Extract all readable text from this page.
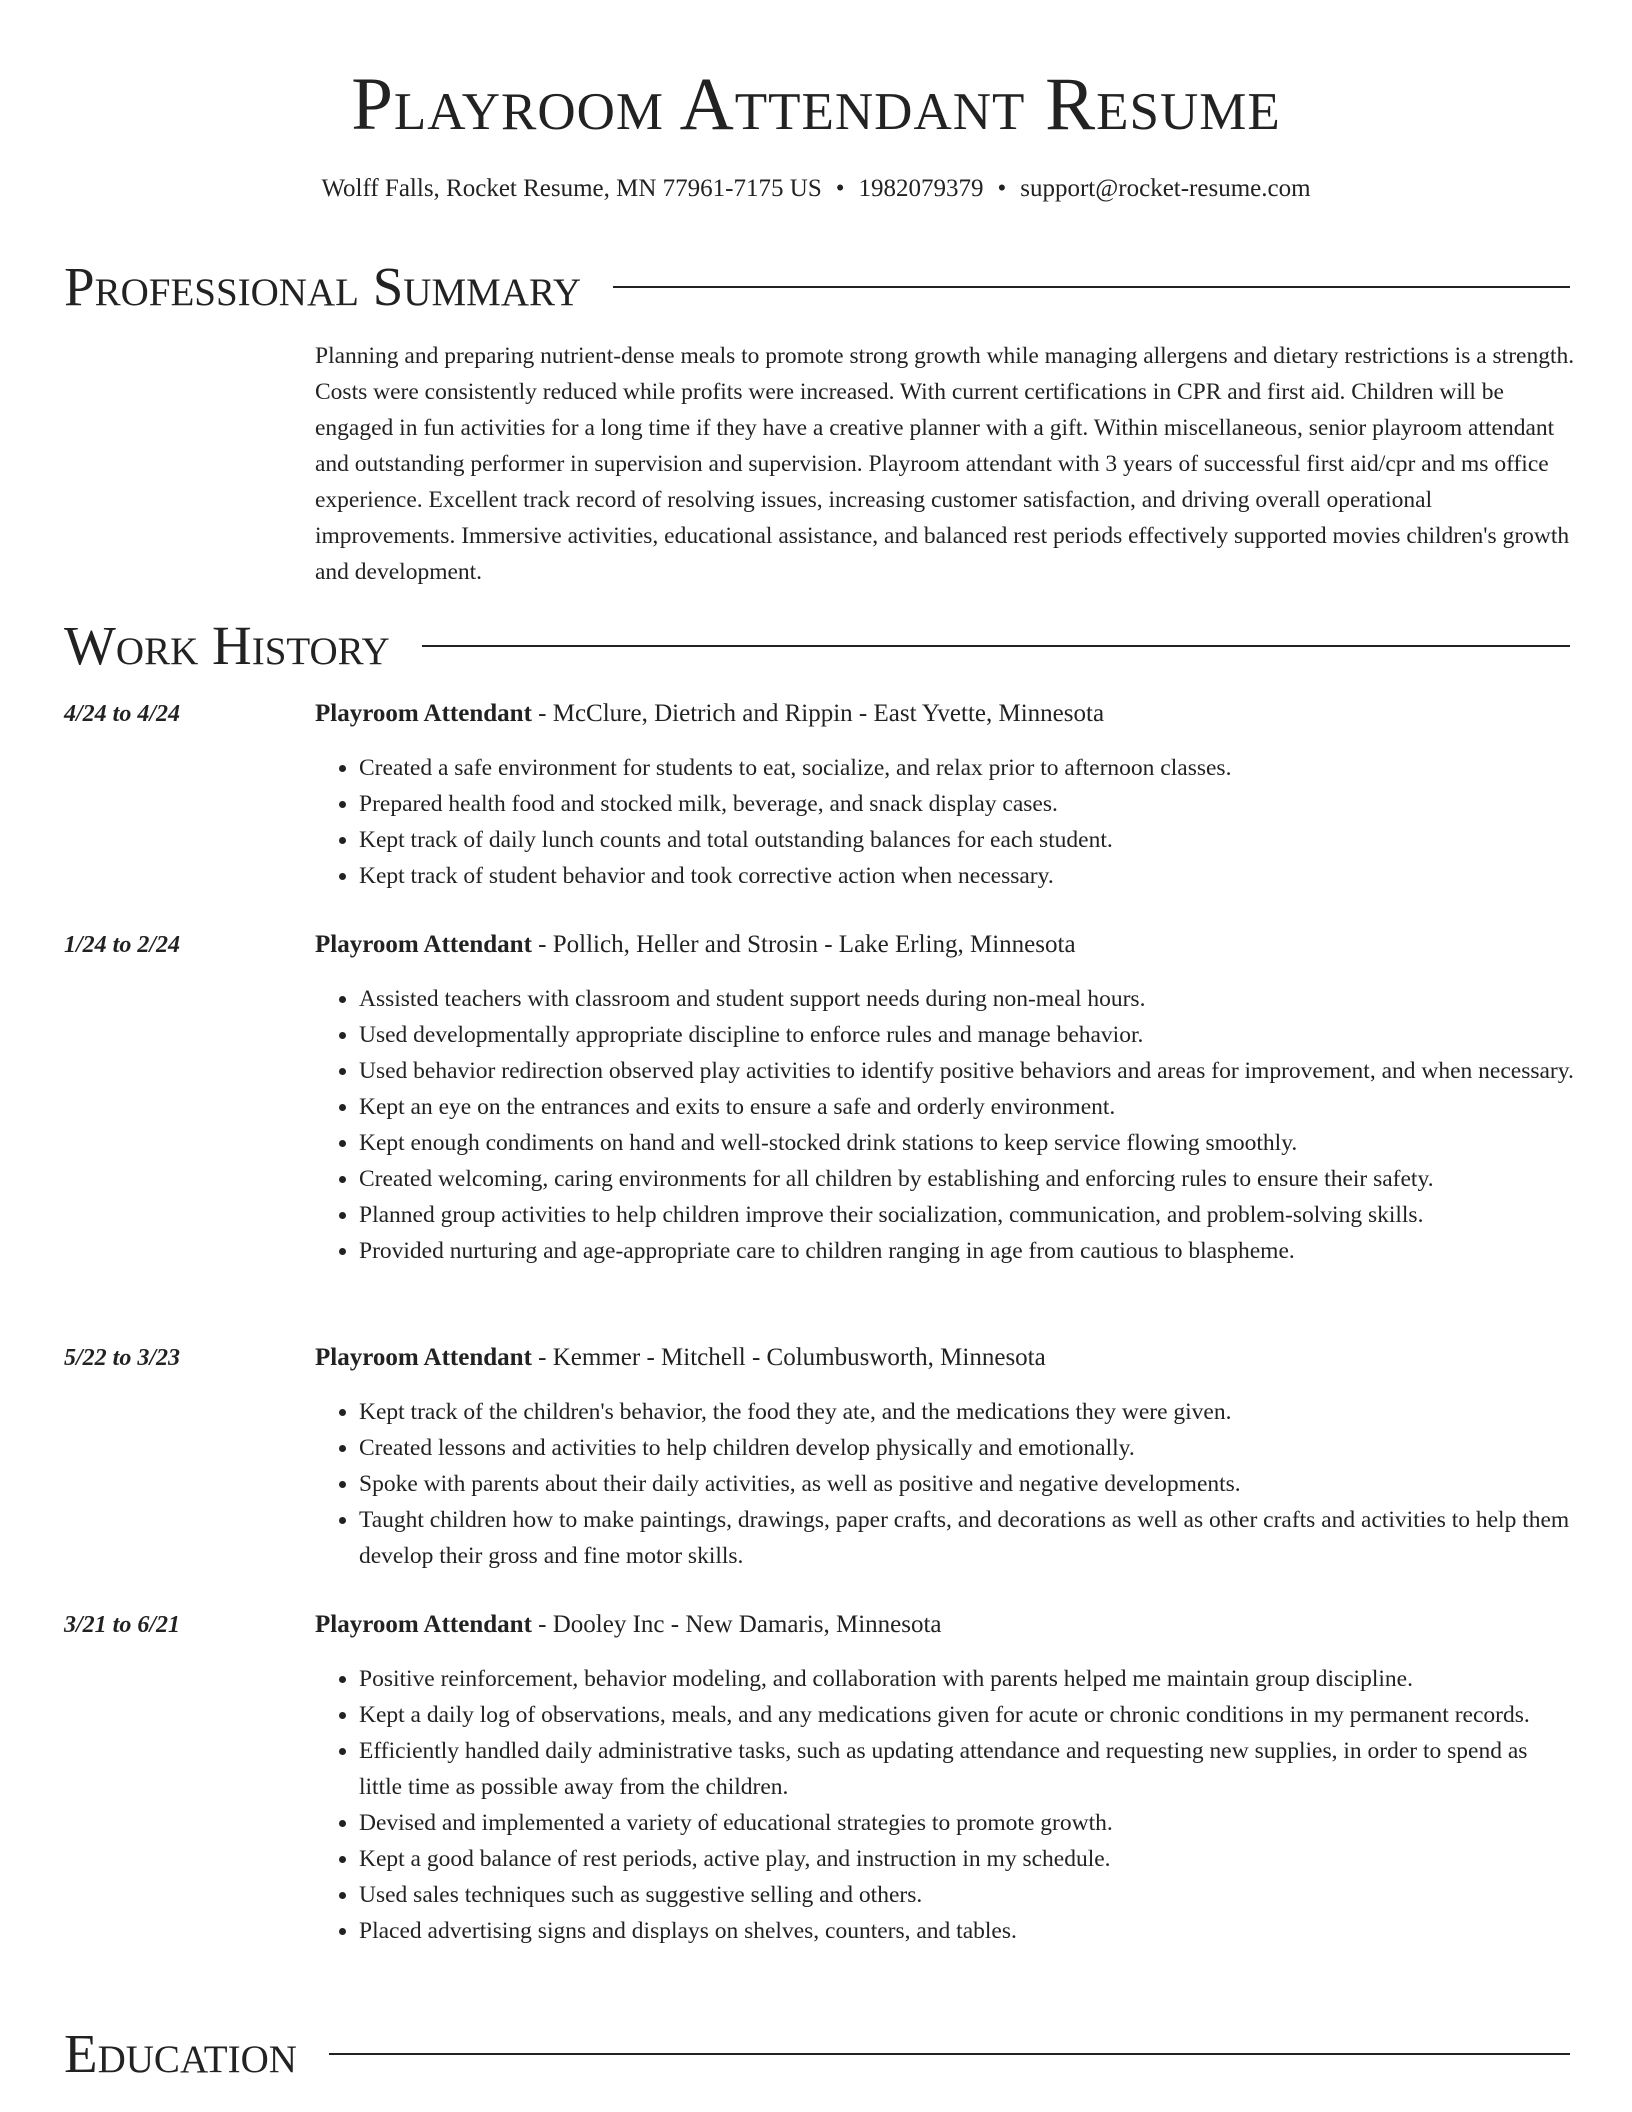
Playroom Attendant Resume
Wolff Falls, Rocket Resume, MN 77961-7175 US • 1982079379 • support@rocket-resume.com
Professional Summary

Planning and preparing nutrient-dense meals to promote strong growth while managing allergens and dietary restrictions is a strength. Costs were consistently reduced while profits were increased. With current certifications in CPR and first aid. Children will be engaged in fun activities for a long time if they have a creative planner with a gift. Within miscellaneous, senior playroom attendant and outstanding performer in supervision and supervision. Playroom attendant with 3 years of successful first aid/cpr and ms office experience. Excellent track record of resolving issues, increasing customer satisfaction, and driving overall operational improvements. Immersive activities, educational assistance, and balanced rest periods effectively supported movies children's growth and development.

Work History
4/24 to 4/24	Playroom Attendant - McClure, Dietrich and Rippin - East Yvette, Minnesota
• Created a safe environment for students to eat, socialize, and relax prior to afternoon classes.
• Prepared health food and stocked milk, beverage, and snack display cases.
• Kept track of daily lunch counts and total outstanding balances for each student.
• Kept track of student behavior and took corrective action when necessary.
1/24 to 2/24	Playroom Attendant - Pollich, Heller and Strosin - Lake Erling, Minnesota
• Assisted teachers with classroom and student support needs during non-meal hours.
• Used developmentally appropriate discipline to enforce rules and manage behavior.
• Used behavior redirection observed play activities to identify positive behaviors and areas for improvement, and when necessary.
• Kept an eye on the entrances and exits to ensure a safe and orderly environment.
• Kept enough condiments on hand and well-stocked drink stations to keep service flowing smoothly.
• Created welcoming, caring environments for all children by establishing and enforcing rules to ensure their safety.
• Planned group activities to help children improve their socialization, communication, and problem-solving skills.
• Provided nurturing and age-appropriate care to children ranging in age from cautious to blaspheme.
5/22 to 3/23	Playroom Attendant - Kemmer - Mitchell - Columbusworth, Minnesota
• Kept track of the children's behavior, the food they ate, and the medications they were given.
• Created lessons and activities to help children develop physically and emotionally.
• Spoke with parents about their daily activities, as well as positive and negative developments.
• Taught children how to make paintings, drawings, paper crafts, and decorations as well as other crafts and activities to help them develop their gross and fine motor skills.
3/21 to 6/21	Playroom Attendant - Dooley Inc - New Damaris, Minnesota
• Positive reinforcement, behavior modeling, and collaboration with parents helped me maintain group discipline.
• Kept a daily log of observations, meals, and any medications given for acute or chronic conditions in my permanent records.
• Efficiently handled daily administrative tasks, such as updating attendance and requesting new supplies, in order to spend as little time as possible away from the children.
• Devised and implemented a variety of educational strategies to promote growth.
• Kept a good balance of rest periods, active play, and instruction in my schedule.
• Used sales techniques such as suggestive selling and others.
• Placed advertising signs and displays on shelves, counters, and tables.
Education
